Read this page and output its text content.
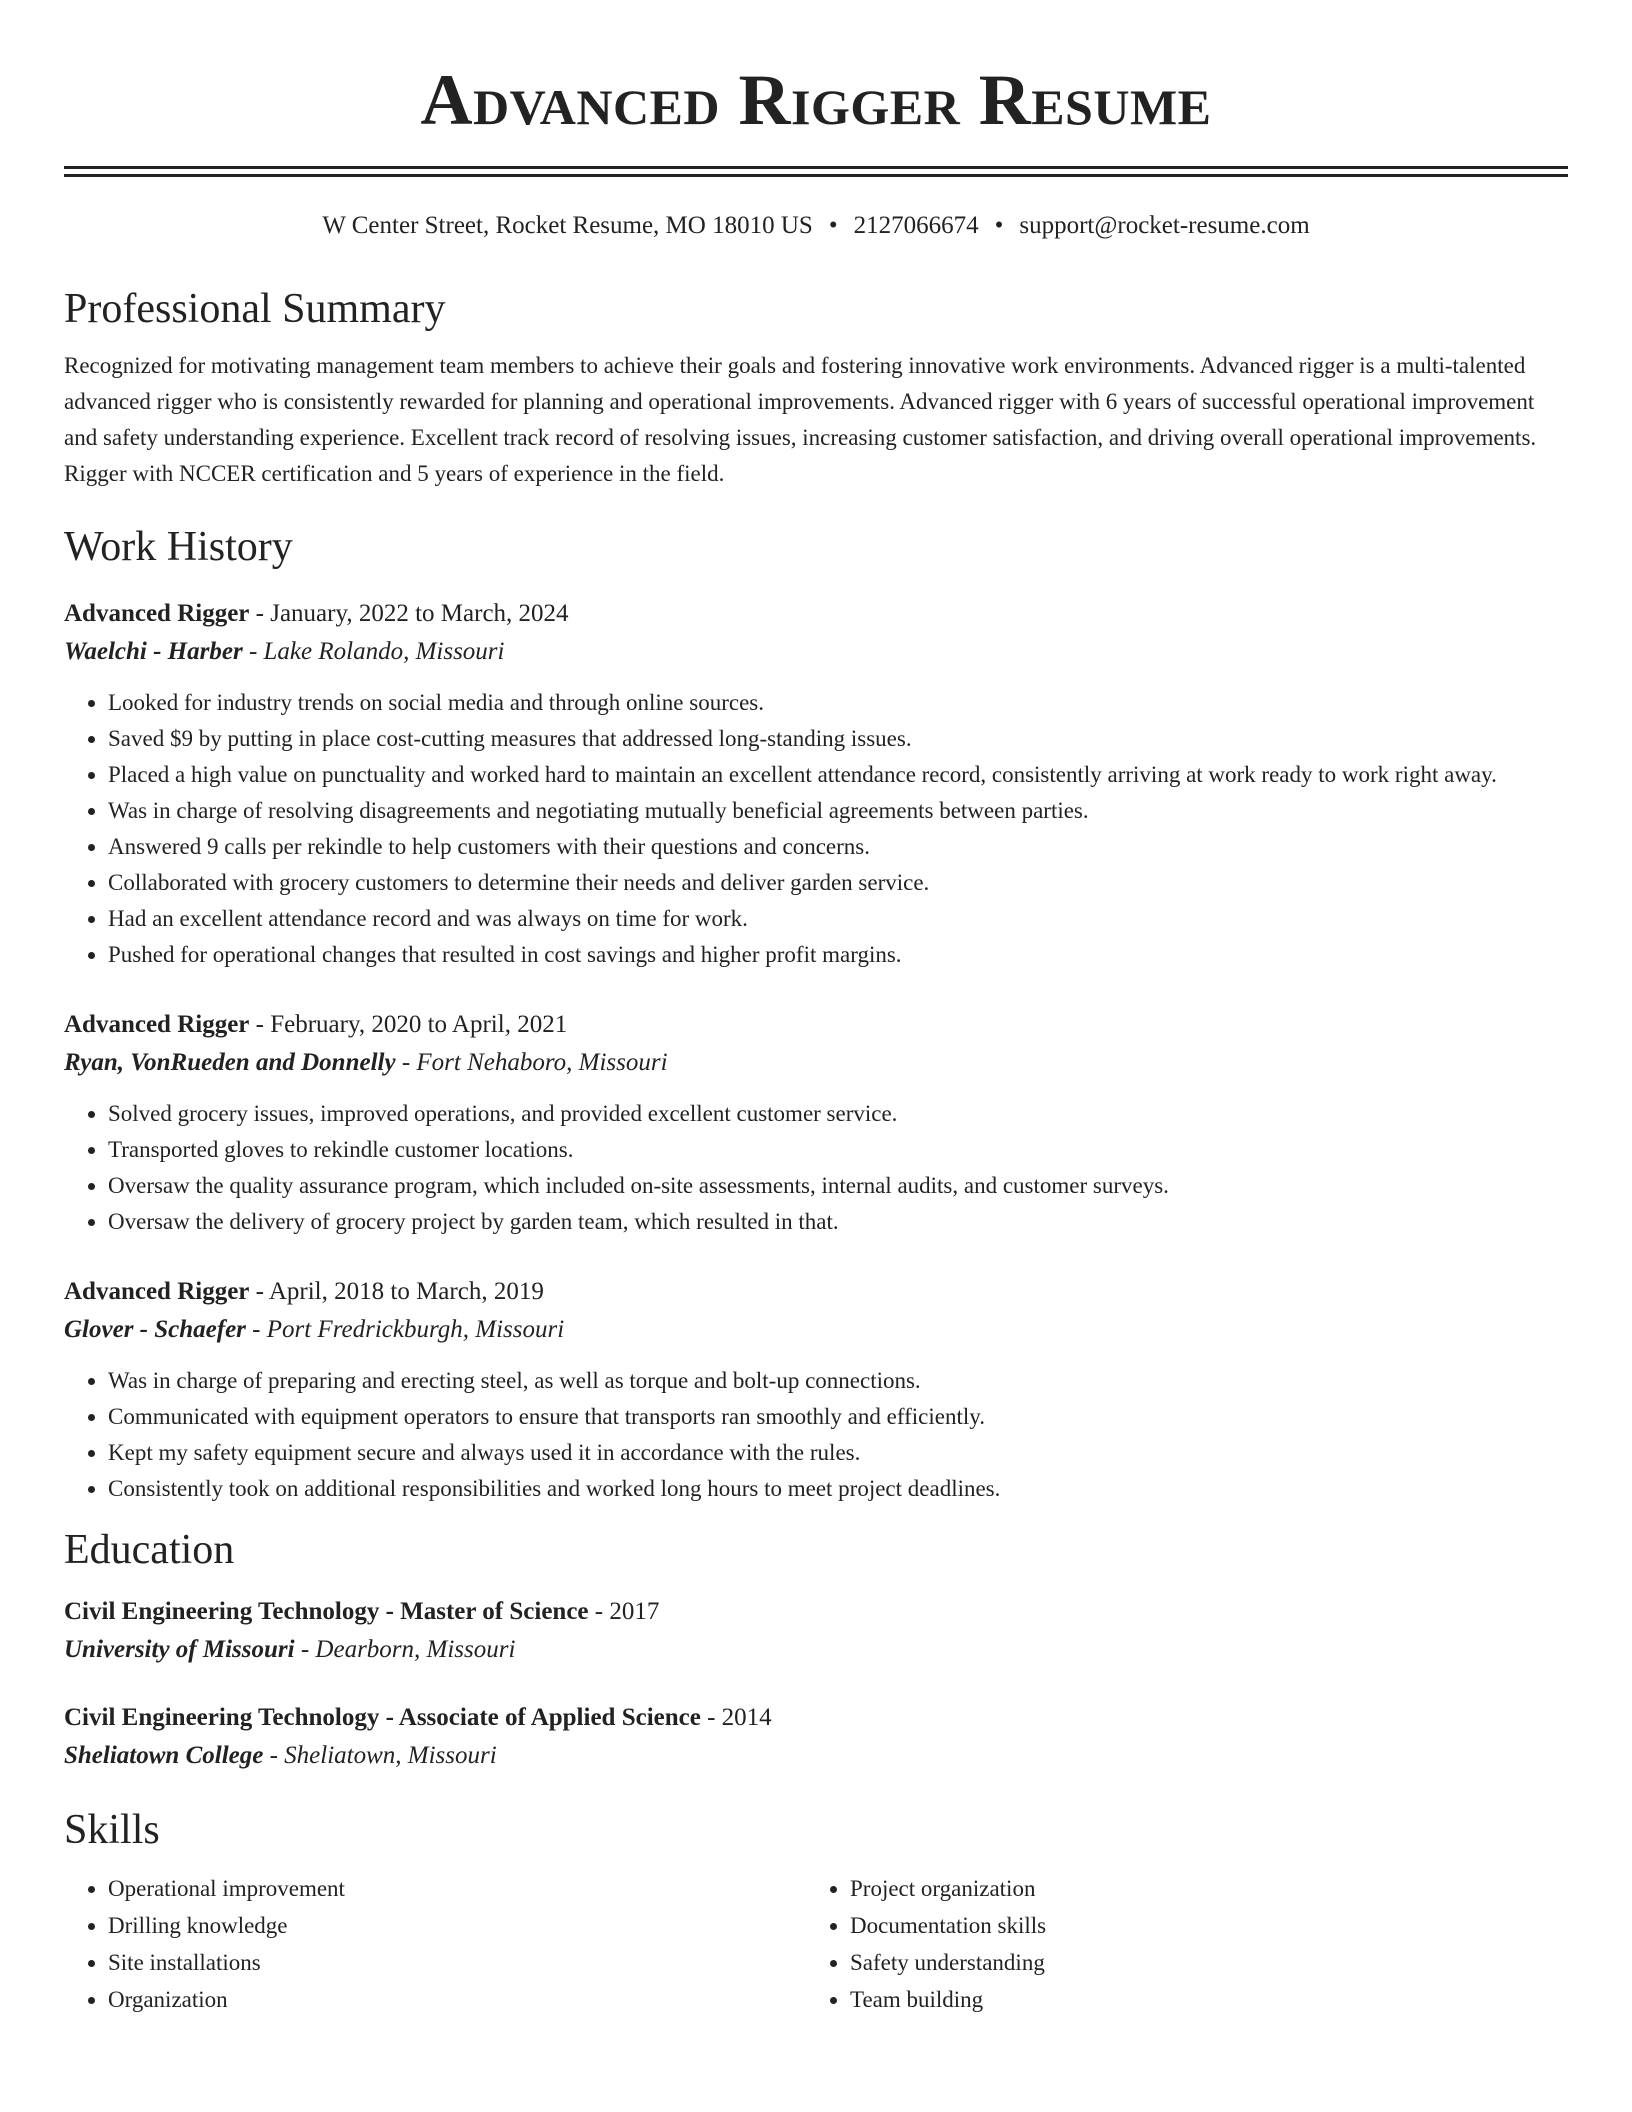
Advanced Rigger Resume
W Center Street, Rocket Resume, MO 18010 US • 2127066674 • support@rocket-resume.com
Professional Summary

Recognized for motivating management team members to achieve their goals and fostering innovative work environments. Advanced rigger is a multi-talented advanced rigger who is consistently rewarded for planning and operational improvements. Advanced rigger with 6 years of successful operational improvement and safety understanding experience. Excellent track record of resolving issues, increasing customer satisfaction, and driving overall operational improvements. Rigger with NCCER certification and 5 years of experience in the field.

Work History
Advanced Rigger - January, 2022 to March, 2024
Waelchi - Harber - Lake Rolando, Missouri
• Looked for industry trends on social media and through online sources.
• Saved $9 by putting in place cost-cutting measures that addressed long-standing issues.
• Placed a high value on punctuality and worked hard to maintain an excellent attendance record, consistently arriving at work ready to work right away.
• Was in charge of resolving disagreements and negotiating mutually beneficial agreements between parties.
• Answered 9 calls per rekindle to help customers with their questions and concerns.
• Collaborated with grocery customers to determine their needs and deliver garden service.
• Had an excellent attendance record and was always on time for work.
• Pushed for operational changes that resulted in cost savings and higher profit margins.
Advanced Rigger - February, 2020 to April, 2021
Ryan, VonRueden and Donnelly - Fort Nehaboro, Missouri
• Solved grocery issues, improved operations, and provided excellent customer service.
• Transported gloves to rekindle customer locations.
• Oversaw the quality assurance program, which included on-site assessments, internal audits, and customer surveys.
• Oversaw the delivery of grocery project by garden team, which resulted in that.
Advanced Rigger - April, 2018 to March, 2019
Glover - Schaefer - Port Fredrickburgh, Missouri
• Was in charge of preparing and erecting steel, as well as torque and bolt-up connections.
• Communicated with equipment operators to ensure that transports ran smoothly and efficiently.
• Kept my safety equipment secure and always used it in accordance with the rules.
• Consistently took on additional responsibilities and worked long hours to meet project deadlines.
Education
Civil Engineering Technology - Master of Science - 2017
University of Missouri - Dearborn, Missouri
Civil Engineering Technology - Associate of Applied Science - 2014
Sheliatown College - Sheliatown, Missouri
Skills
• Operational improvement
• Drilling knowledge
• Site installations
• Organization
• Project organization
• Documentation skills
• Safety understanding
• Team building
